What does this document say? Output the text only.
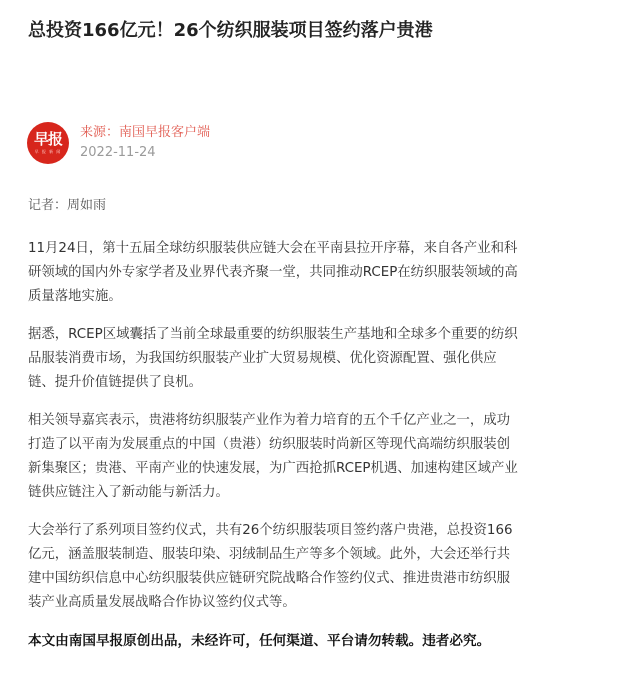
总投资166亿元！26个纺织服装项目签约落户贵港
早报
早 报 新 闻
来源：南国早报客户端
2022-11-24
记者：周如雨

11月24日，第十五届全球纺织服装供应链大会在平南县拉开序幕，来自各产业和科
研领域的国内外专家学者及业界代表齐聚一堂，共同推动RCEP在纺织服装领域的高
质量落地实施。

据悉，RCEP区域囊括了当前全球最重要的纺织服装生产基地和全球多个重要的纺织
品服装消费市场，为我国纺织服装产业扩大贸易规模、优化资源配置、强化供应
链、提升价值链提供了良机。

相关领导嘉宾表示，贵港将纺织服装产业作为着力培育的五个千亿产业之一，成功
打造了以平南为发展重点的中国（贵港）纺织服装时尚新区等现代高端纺织服装创
新集聚区；贵港、平南产业的快速发展，为广西抢抓RCEP机遇、加速构建区域产业
链供应链注入了新动能与新活力。

大会举行了系列项目签约仪式，共有26个纺织服装项目签约落户贵港，总投资166
亿元，涵盖服装制造、服装印染、羽绒制品生产等多个领域。此外，大会还举行共
建中国纺织信息中心纺织服装供应链研究院战略合作签约仪式、推进贵港市纺织服
装产业高质量发展战略合作协议签约仪式等。

本文由南国早报原创出品，未经许可，任何渠道、平台请勿转载。违者必究。
